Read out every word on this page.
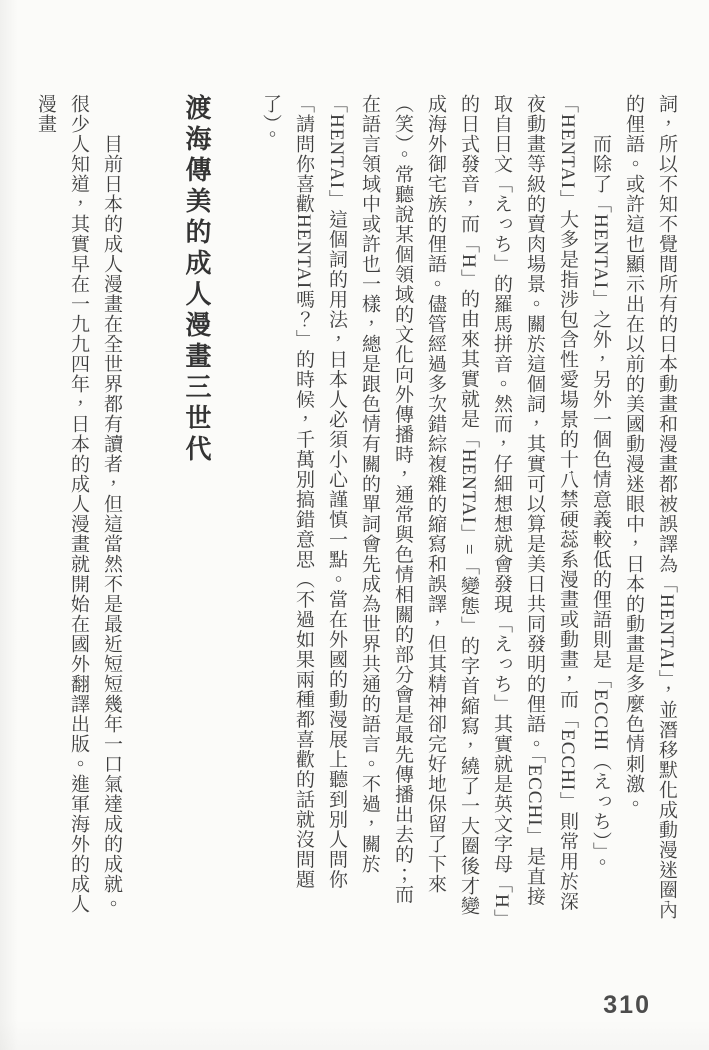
詞，所以不知不覺間所有的日本動畫和漫畫都被誤譯為「HENTAI」，並潛移默化成動漫迷圈內的俚語。或許這也顯示出在以前的美國動漫迷眼中，日本的動畫是多麼色情刺激。

而除了「HENTAI」之外，另外一個色情意義較低的俚語則是「ECCHI（えっち）」。「HENTAI」大多是指涉包含性愛場景的十八禁硬蕊系漫畫或動畫，而「ECCHI」則常用於深夜動畫等級的賣肉場景。關於這個詞，其實可以算是美日共同發明的俚語。「ECCHI」是直接取自日文「えっち」的羅馬拼音。然而，仔細想想就會發現「えっち」其實就是英文字母「H」的日式發音，而「H」的由來其實就是「HENTAI」=「變態」的字首縮寫，繞了一大圈後才變成海外御宅族的俚語。儘管經過多次錯綜複雜的縮寫和誤譯，但其精神卻完好地保留了下來（笑）。常聽說某個領域的文化向外傳播時，通常與色情相關的部分會是最先傳播出去的；而在語言領域中或許也一樣，總是跟色情有關的單詞會先成為世界共通的語言。不過，關於「HENTAI」這個詞的用法，日本人必須小心謹慎一點。當在外國的動漫展上聽到別人問你「請問你喜歡HENTAI嗎？」的時候，千萬別搞錯意思（不過如果兩種都喜歡的話就沒問題了）。

渡海傳美的成人漫畫三世代

目前日本的成人漫畫在全世界都有讀者，但這當然不是最近短短幾年一口氣達成的成就。很少人知道，其實早在一九九四年，日本的成人漫畫就開始在國外翻譯出版。進軍海外的成人漫畫

310
